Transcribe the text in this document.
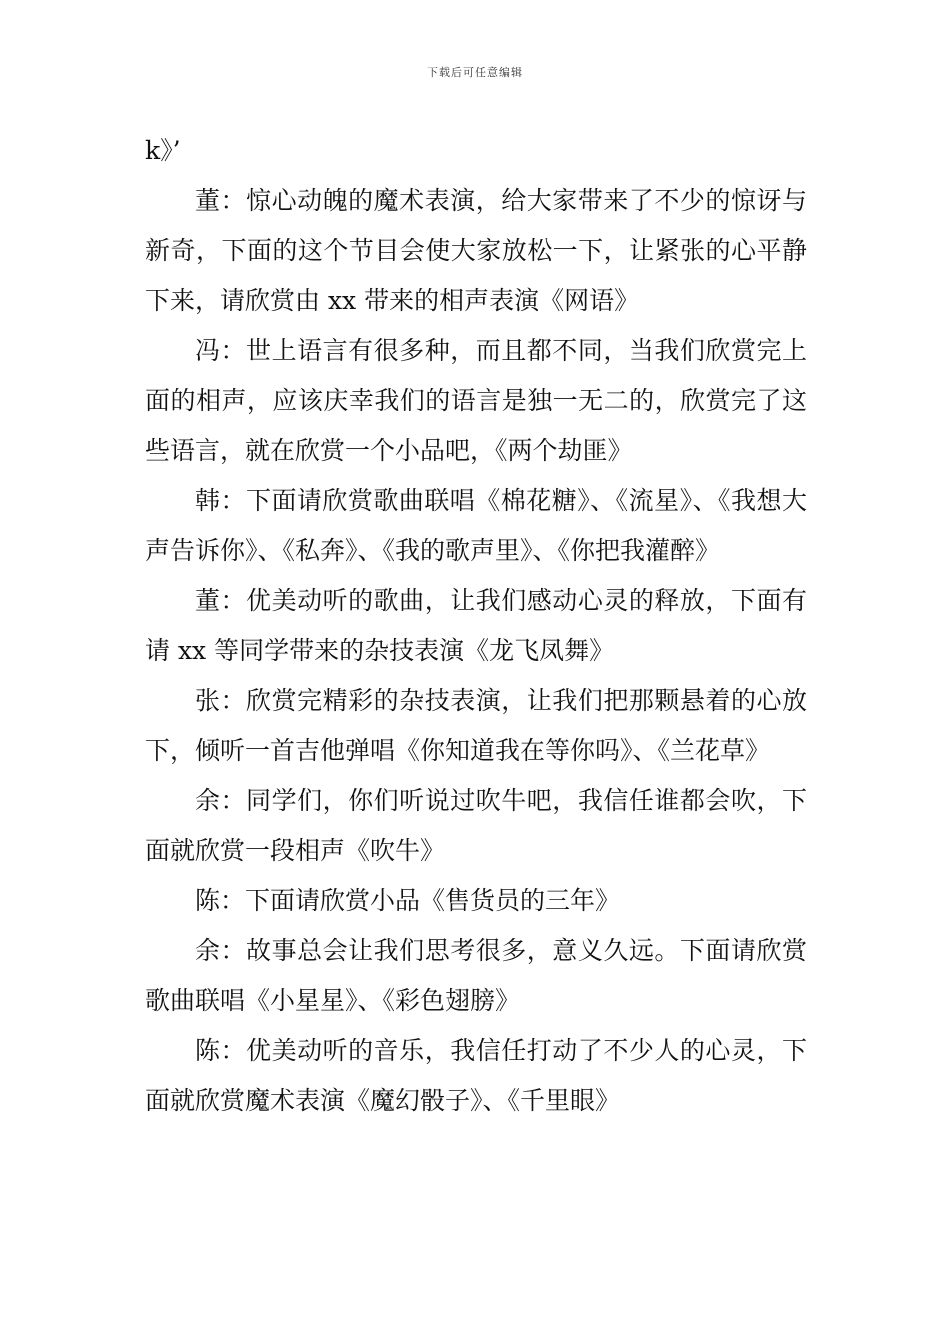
下载后可任意编辑

k》’

董：惊心动魄的魔术表演，给大家带来了不少的惊讶与新奇，下面的这个节目会使大家放松一下，让紧张的心平静下来，请欣赏由 xx 带来的相声表演《网语》

冯：世上语言有很多种，而且都不同，当我们欣赏完上面的相声，应该庆幸我们的语言是独一无二的，欣赏完了这些语言，就在欣赏一个小品吧，《两个劫匪》

韩：下面请欣赏歌曲联唱《棉花糖》、《流星》、《我想大声告诉你》、《私奔》、《我的歌声里》、《你把我灌醉》

董：优美动听的歌曲，让我们感动心灵的释放，下面有请 xx 等同学带来的杂技表演《龙飞凤舞》

张：欣赏完精彩的杂技表演，让我们把那颗悬着的心放下，倾听一首吉他弹唱《你知道我在等你吗》、《兰花草》

余：同学们，你们听说过吹牛吧，我信任谁都会吹，下面就欣赏一段相声《吹牛》

陈：下面请欣赏小品《售货员的三年》

余：故事总会让我们思考很多，意义久远。下面请欣赏歌曲联唱《小星星》、《彩色翅膀》

陈：优美动听的音乐，我信任打动了不少人的心灵，下面就欣赏魔术表演《魔幻骰子》、《千里眼》
